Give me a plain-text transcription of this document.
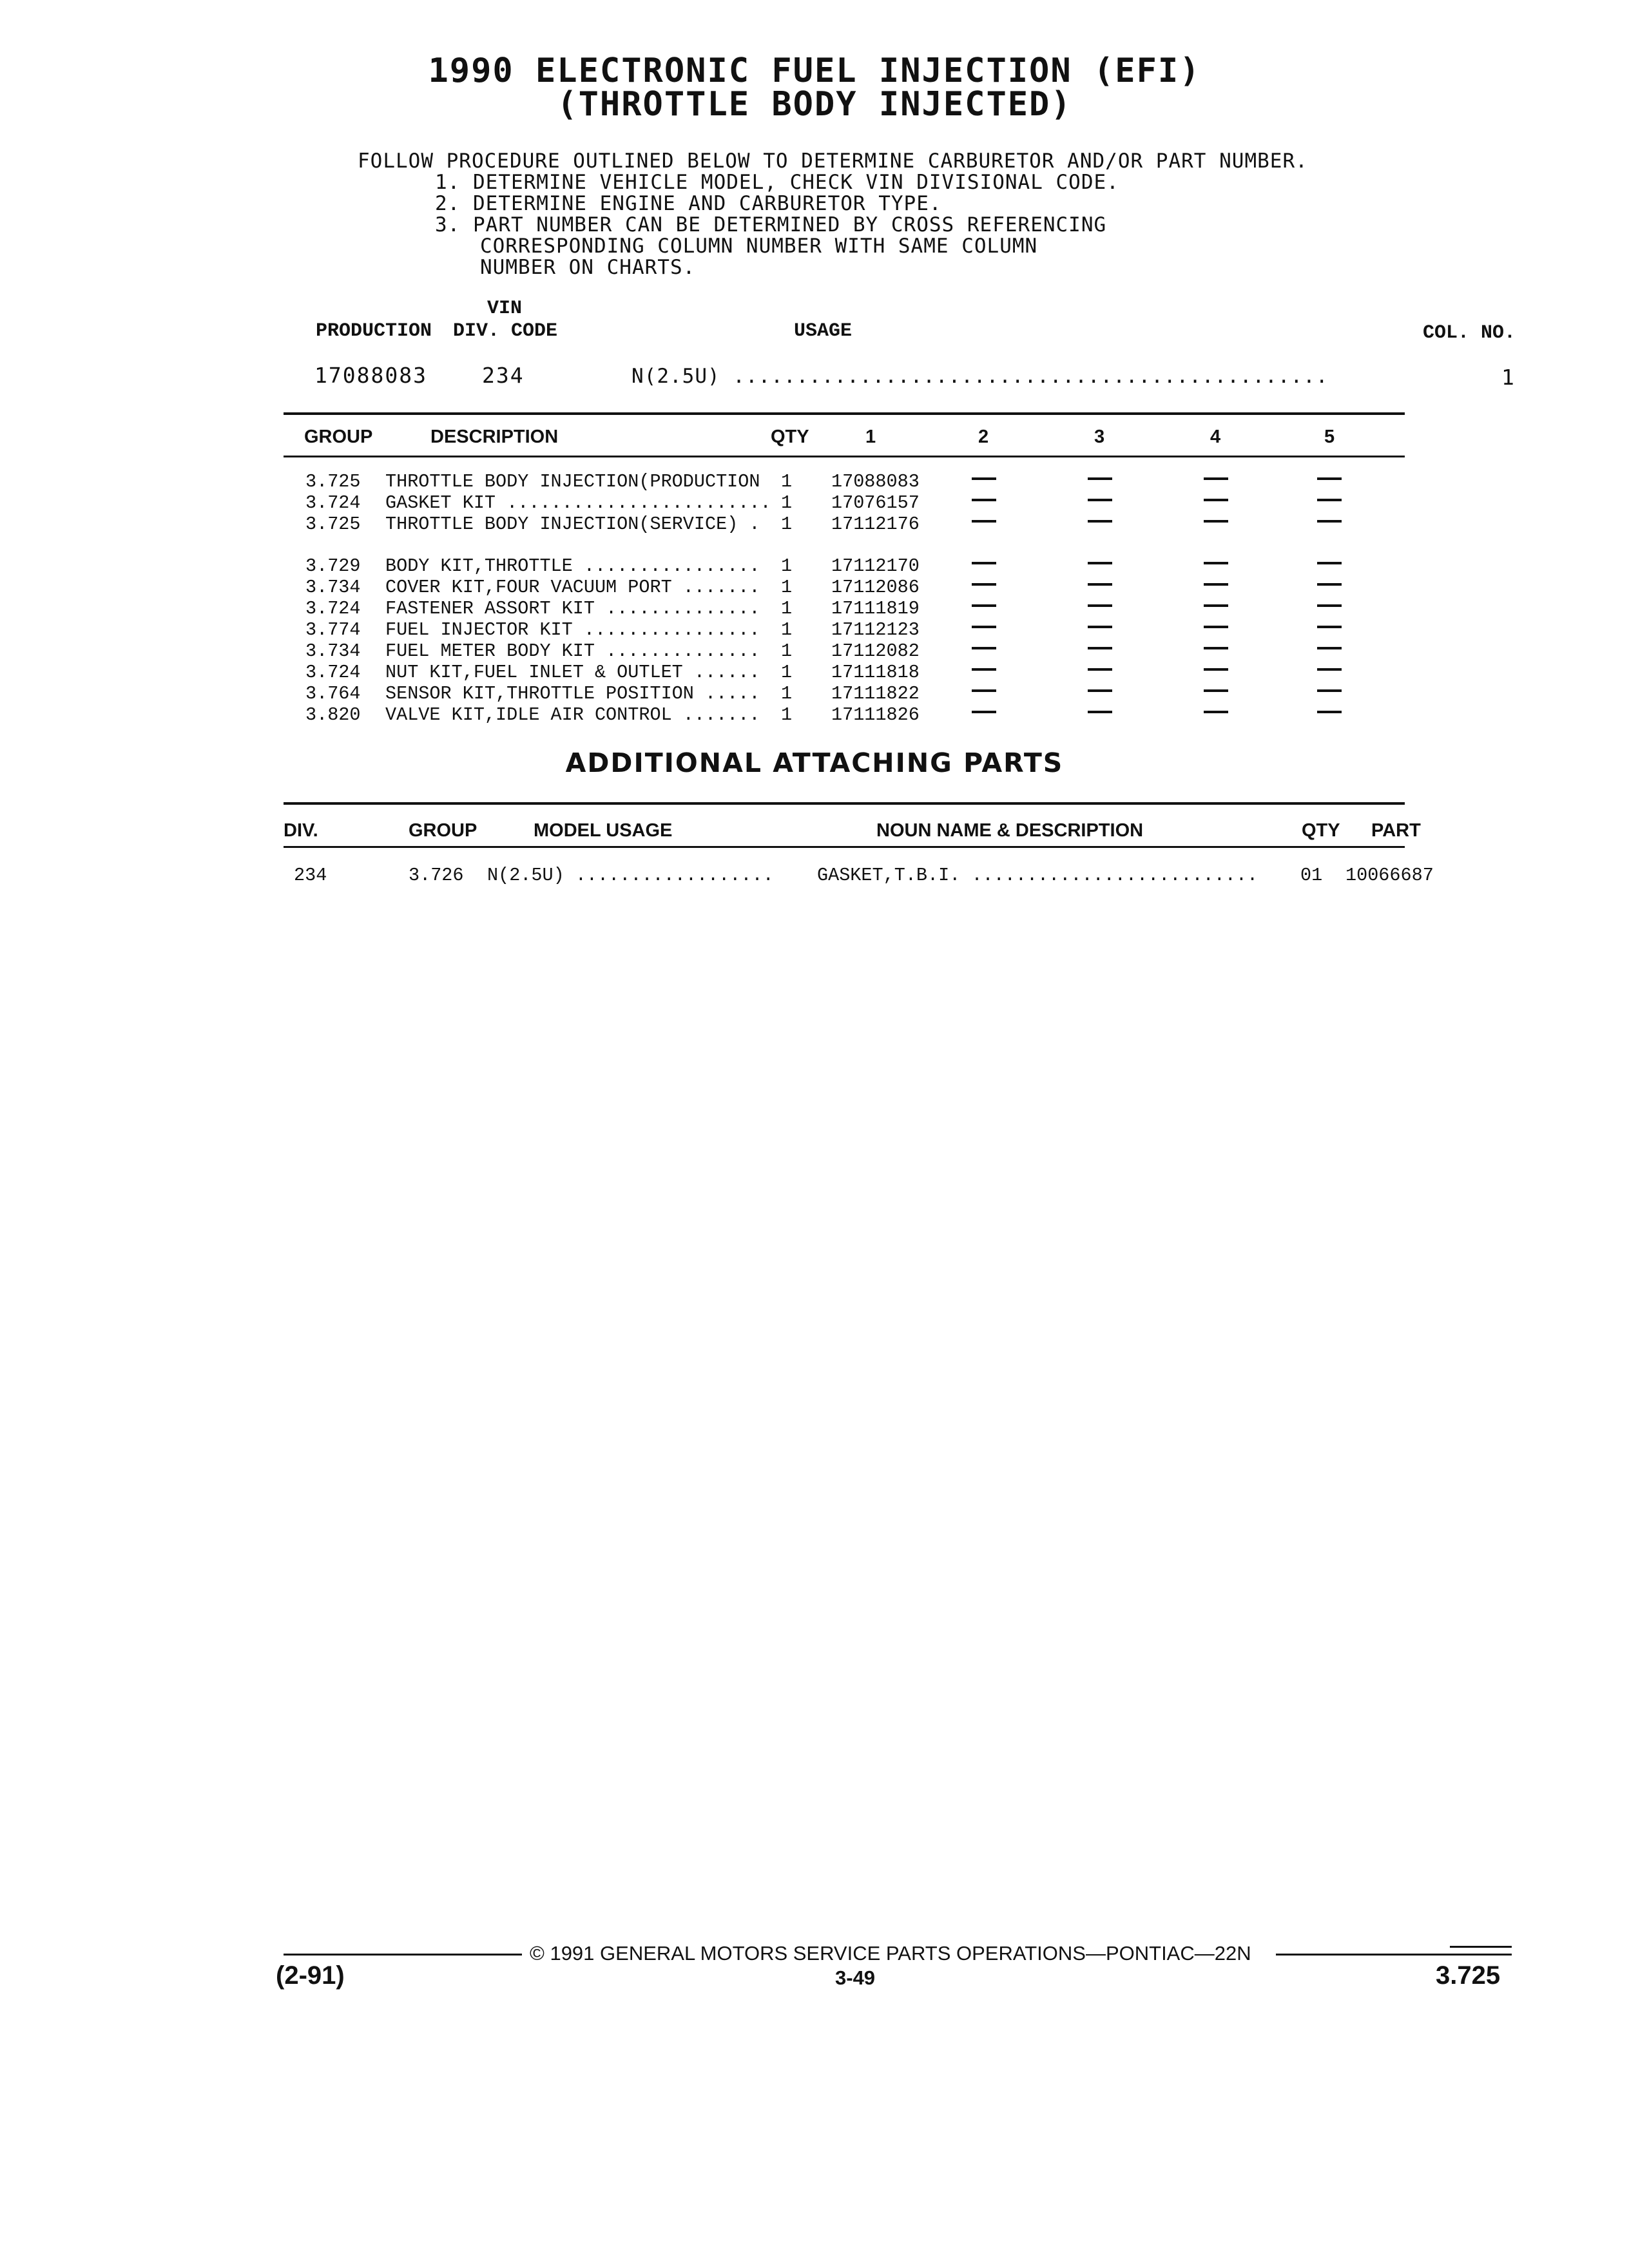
1990 ELECTRONIC FUEL INJECTION (EFI)
(THROTTLE BODY INJECTED)
FOLLOW PROCEDURE OUTLINED BELOW TO DETERMINE CARBURETOR AND/OR PART NUMBER.
1. DETERMINE VEHICLE MODEL, CHECK VIN DIVISIONAL CODE.
2. DETERMINE ENGINE AND CARBURETOR TYPE.
3. PART NUMBER CAN BE DETERMINED BY CROSS REFERENCING
CORRESPONDING COLUMN NUMBER WITH SAME COLUMN
NUMBER ON CHARTS.
VIN
PRODUCTION DIV. CODE	USAGE	COL. NO.
17088083	234	N(2.5U) ...............................................	1
GROUP	DESCRIPTION	QTY	1	2	3	4	5
3.725 THROTTLE BODY INJECTION(PRODUCTION 1 17088083
3.724 GASKET KIT ........................ 1 17076157
3.725 THROTTLE BODY INJECTION(SERVICE) . 1 17112176
3.729 BODY KIT,THROTTLE ................ 1 17112170
3.734 COVER KIT,FOUR VACUUM PORT ....... 1 17112086
3.724 FASTENER ASSORT KIT .............. 1 17111819
3.774 FUEL INJECTOR KIT ................ 1 17112123
3.734 FUEL METER BODY KIT .............. 1 17112082
3.724 NUT KIT,FUEL INLET & OUTLET ...... 1 17111818
3.764 SENSOR KIT,THROTTLE POSITION ..... 1 17111822
3.820 VALVE KIT,IDLE AIR CONTROL ....... 1 17111826
ADDITIONAL ATTACHING PARTS
DIV.	GROUP	MODEL USAGE	NOUN NAME & DESCRIPTION	QTY PART
234	3.726 N(2.5U) .................. GASKET,T.B.I. .......................... 01 10066687
© 1991 GENERAL MOTORS SERVICE PARTS OPERATIONS—PONTIAC—22N
(2-91)	3-49	3.725
